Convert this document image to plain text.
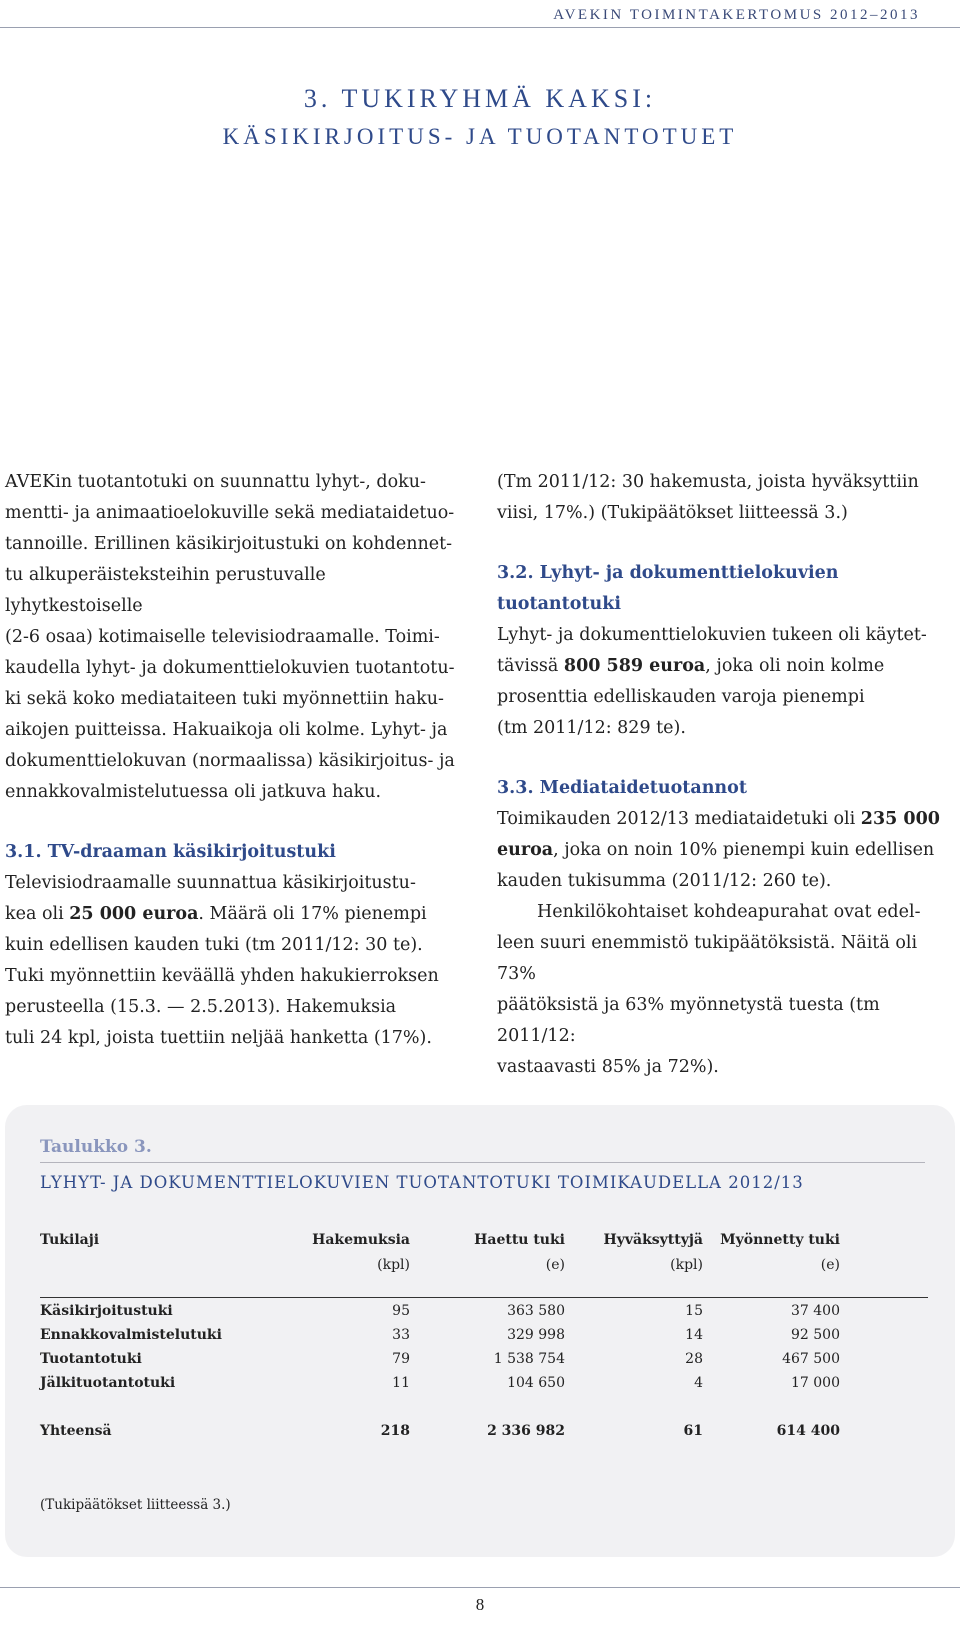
AVEKIN TOIMINTAKERTOMUS 2012–2013
3. TUKIRYHMÄ KAKSI:
KÄSIKIRJOITUS- JA TUOTANTOTUET

AVEKin tuotantotuki on suunnattu lyhyt-, doku-

mentti- ja animaatioelokuville sekä mediataidetuo-

tannoille. Erillinen käsikirjoitustuki on kohdennet-

tu alkuperäisteksteihin perustuvalle lyhytkestoiselle

(2-6 osaa) kotimaiselle televisiodraamalle. Toimi-

kaudella lyhyt- ja dokumenttielokuvien tuotantotu-

ki sekä koko mediataiteen tuki myönnettiin haku-

aikojen puitteissa. Hakuaikoja oli kolme. Lyhyt- ja

dokumenttielokuvan (normaalissa) käsikirjoitus- ja

ennakkovalmistelutuessa oli jatkuva haku.

3.1. TV-draaman käsikirjoitustuki

Televisiodraamalle suunnattua käsikirjoitustu-

kea oli 25 000 euroa. Määrä oli 17% pienempi

kuin edellisen kauden tuki (tm 2011/12: 30 te).

Tuki myönnettiin keväällä yhden hakukierroksen

perusteella (15.3. — 2.5.2013). Hakemuksia

tuli 24 kpl, joista tuettiin neljää hanketta (17%).

(Tm 2011/12: 30 hakemusta, joista hyväksyttiin

viisi, 17%.) (Tukipäätökset liitteessä 3.)

3.2. Lyhyt- ja dokumenttielokuvien

tuotantotuki

Lyhyt- ja dokumenttielokuvien tukeen oli käytet-

tävissä 800 589 euroa, joka oli noin kolme

prosenttia edelliskauden varoja pienempi

(tm 2011/12: 829 te).

3.3. Mediataidetuotannot

Toimikauden 2012/13 mediataidetuki oli 235 000

euroa, joka on noin 10% pienempi kuin edellisen

kauden tukisumma (2011/12: 260 te).

Henkilökohtaiset kohdeapurahat ovat edel-

leen suuri enemmistö tukipäätöksistä. Näitä oli 73%

päätöksistä ja 63% myönnetystä tuesta (tm 2011/12:

vastaavasti 85% ja 72%).

Taulukko 3.
LYHYT- JA DOKUMENTTIELOKUVIEN TUOTANTOTUKI TOIMIKAUDELLA 2012/13
Tukilaji	Hakemuksia	Haettu tuki	Hyväksyttyjä	Myönnetty tuki
(kpl)	(e)	(kpl)	(e)
Käsikirjoitustuki	95	363 580	15	37 400
Ennakkovalmistelutuki	33	329 998	14	92 500
Tuotantotuki	79	1 538 754	28	467 500
Jälkituotantotuki	11	104 650	4	17 000
Yhteensä	218	2 336 982	61	614 400
(Tukipäätökset liitteessä 3.)
8
